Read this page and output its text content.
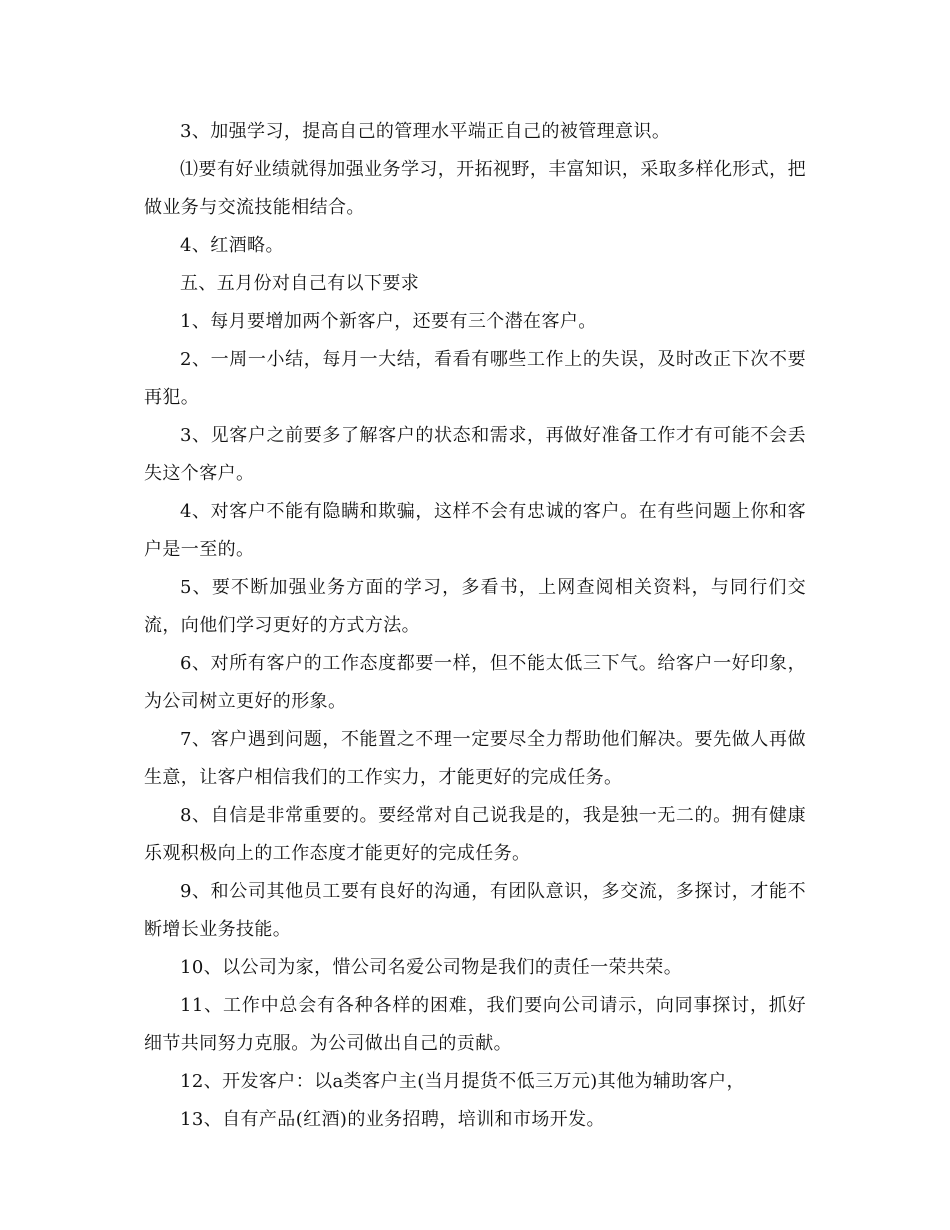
3、加强学习，提高自己的管理水平端正自己的被管理意识。

⑴要有好业绩就得加强业务学习，开拓视野，丰富知识，采取多样化形式，把做业务与交流技能相结合。

4、红酒略。

五、五月份对自己有以下要求

1、每月要增加两个新客户，还要有三个潜在客户。

2、一周一小结，每月一大结，看看有哪些工作上的失误，及时改正下次不要再犯。

3、见客户之前要多了解客户的状态和需求，再做好准备工作才有可能不会丢失这个客户。

4、对客户不能有隐瞒和欺骗，这样不会有忠诚的客户。在有些问题上你和客户是一至的。

5、要不断加强业务方面的学习，多看书，上网查阅相关资料，与同行们交流，向他们学习更好的方式方法。

6、对所有客户的工作态度都要一样，但不能太低三下气。给客户一好印象，为公司树立更好的形象。

7、客户遇到问题，不能置之不理一定要尽全力帮助他们解决。要先做人再做生意，让客户相信我们的工作实力，才能更好的完成任务。

8、自信是非常重要的。要经常对自己说我是的，我是独一无二的。拥有健康乐观积极向上的工作态度才能更好的完成任务。

9、和公司其他员工要有良好的沟通，有团队意识，多交流，多探讨，才能不断增长业务技能。

10、以公司为家，惜公司名爱公司物是我们的责任一荣共荣。

11、工作中总会有各种各样的困难，我们要向公司请示，向同事探讨，抓好细节共同努力克服。为公司做出自己的贡献。

12、开发客户：以a类客户主(当月提货不低三万元)其他为辅助客户，

13、自有产品(红酒)的业务招聘，培训和市场开发。
